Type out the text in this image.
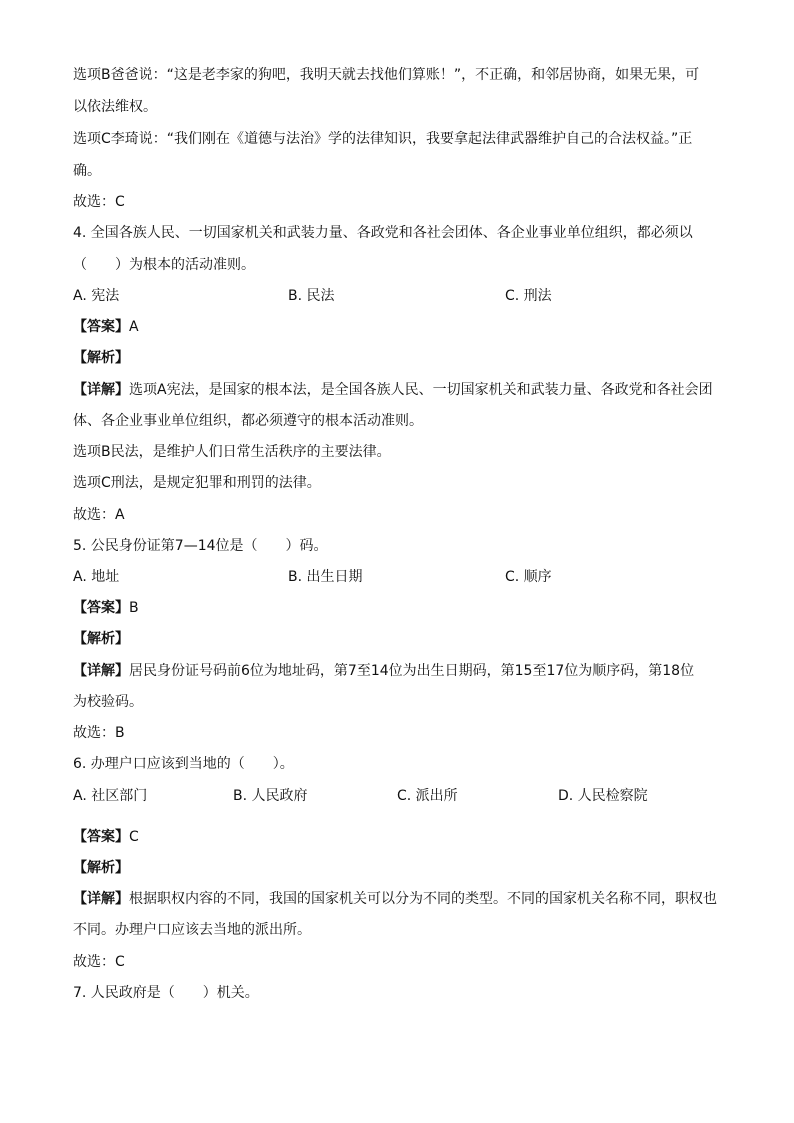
选项B爸爸说：“这是老李家的狗吧，我明天就去找他们算账！”，不正确，和邻居协商，如果无果，可
以依法维权。
选项C李琦说：“我们刚在《道德与法治》学的法律知识，我要拿起法律武器维护自己的合法权益。”正
确。
故选：C
4. 全国各族人民、一切国家机关和武装力量、各政党和各社会团体、各企业事业单位组织，都必须以
（　　）为根本的活动准则。
A. 宪法	B. 民法	C. 刑法
【答案】A
【解析】
【详解】选项A宪法，是国家的根本法，是全国各族人民、一切国家机关和武装力量、各政党和各社会团
体、各企业事业单位组织，都必须遵守的根本活动准则。
选项B民法，是维护人们日常生活秩序的主要法律。
选项C刑法，是规定犯罪和刑罚的法律。
故选：A
5. 公民身份证第7—14位是（　　）码。
A. 地址	B. 出生日期	C. 顺序
【答案】B
【解析】
【详解】居民身份证号码前6位为地址码，第7至14位为出生日期码，第15至17位为顺序码，第18位
为校验码。
故选：B
6. 办理户口应该到当地的（　　）。
A. 社区部门	B. 人民政府	C. 派出所	D. 人民检察院
【答案】C
【解析】
【详解】根据职权内容的不同，我国的国家机关可以分为不同的类型。不同的国家机关名称不同，职权也
不同。办理户口应该去当地的派出所。
故选：C
7. 人民政府是（　　）机关。
